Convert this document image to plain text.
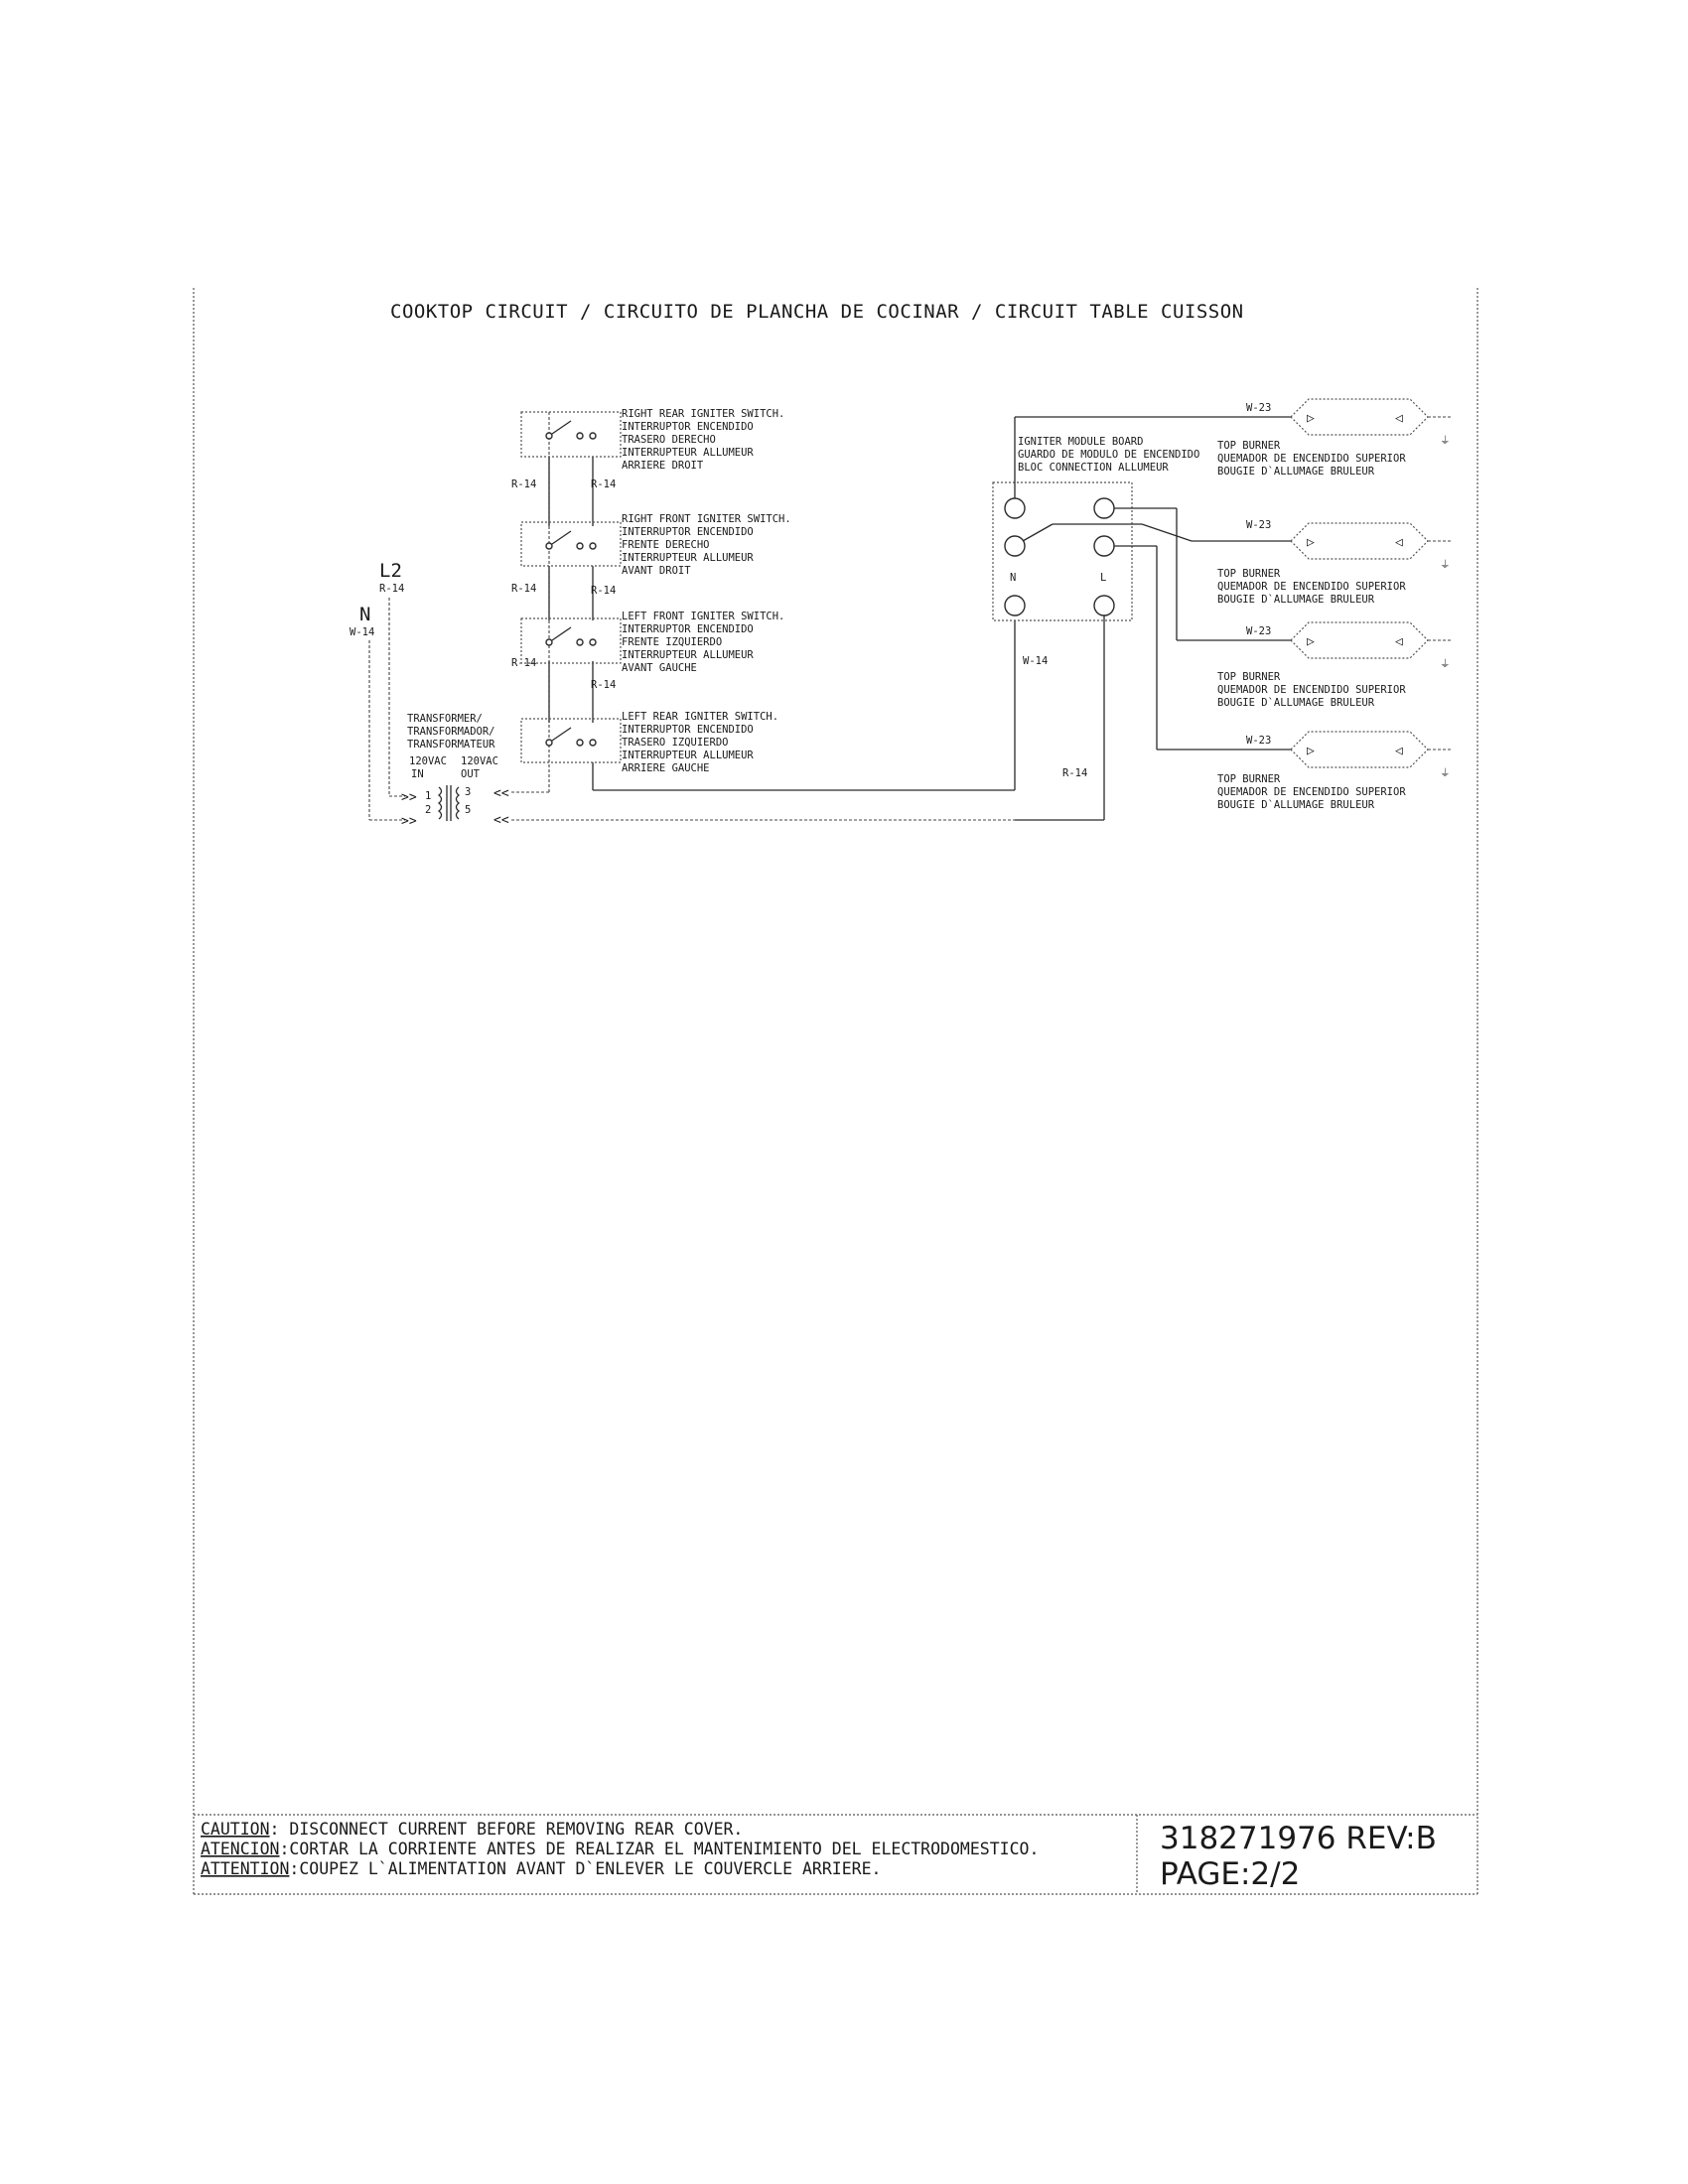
COOKTOP CIRCUIT / CIRCUITO DE PLANCHA DE COCINAR / CIRCUIT TABLE CUISSON
L2
R-14
N
W-14
>>
>>
TRANSFORMER/
TRANSFORMADOR/
TRANSFORMATEUR
120VAC
IN
120VAC
OUT
1
2
3
5
<<
<<
R-14	R-14
R-14	R-14
R-14
R-14
RIGHT REAR IGNITER SWITCH.
INTERRUPTOR ENCENDIDO
TRASERO DERECHO
INTERRUPTEUR ALLUMEUR
ARRIERE DROIT
RIGHT FRONT IGNITER SWITCH.
INTERRUPTOR ENCENDIDO
FRENTE DERECHO
INTERRUPTEUR ALLUMEUR
AVANT DROIT
LEFT FRONT IGNITER SWITCH.
INTERRUPTOR ENCENDIDO
FRENTE IZQUIERDO
INTERRUPTEUR ALLUMEUR
AVANT GAUCHE
LEFT REAR IGNITER SWITCH.
INTERRUPTOR ENCENDIDO
TRASERO IZQUIERDO
INTERRUPTEUR ALLUMEUR
ARRIERE GAUCHE
N	L
IGNITER MODULE BOARD
GUARDO DE MODULO DE ENCENDIDO
BLOC CONNECTION ALLUMEUR
W-14
R-14
W-23
▷	◁
⏚
TOP BURNER
QUEMADOR DE ENCENDIDO SUPERIOR
BOUGIE D`ALLUMAGE BRULEUR
W-23
▷	◁
⏚
TOP BURNER
QUEMADOR DE ENCENDIDO SUPERIOR
BOUGIE D`ALLUMAGE BRULEUR
W-23
▷	◁
⏚
TOP BURNER
QUEMADOR DE ENCENDIDO SUPERIOR
BOUGIE D`ALLUMAGE BRULEUR
W-23
▷	◁
⏚
TOP BURNER
QUEMADOR DE ENCENDIDO SUPERIOR
BOUGIE D`ALLUMAGE BRULEUR
CAUTION: DISCONNECT CURRENT BEFORE REMOVING REAR COVER.
ATENCION:CORTAR LA CORRIENTE ANTES DE REALIZAR EL MANTENIMIENTO DEL ELECTRODOMESTICO.
ATTENTION:COUPEZ L`ALIMENTATION AVANT D`ENLEVER LE COUVERCLE ARRIERE.
318271976 REV:B
PAGE:2/2
